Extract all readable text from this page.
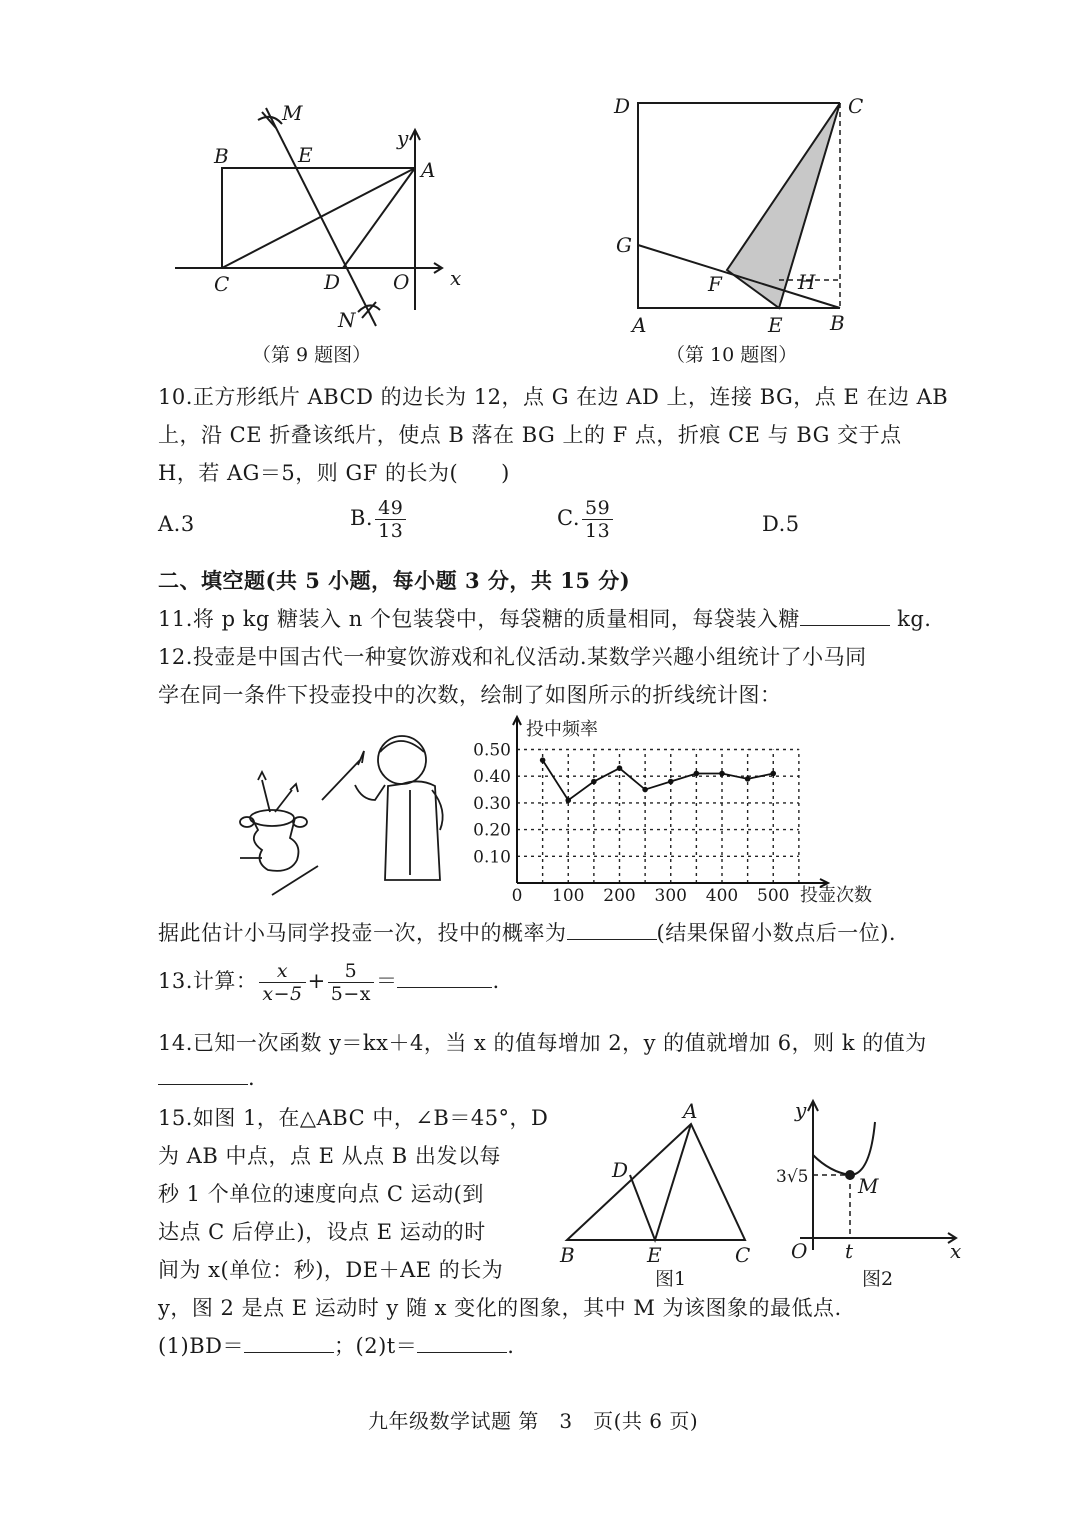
M
N
B	E
A
C	D	O x
y
D	C
G
F	H
A	E B
（第 9 题图）	（第 10 题图）
10.正方形纸片 ABCD 的边长为 12，点 G 在边 AD 上，连接 BG，点 E 在边 AB
上，沿 CE 折叠该纸片，使点 B 落在 BG 上的 F 点，折痕 CE 与 BG 交于点
H，若 AG＝5，则 GF 的长为(　　)
A.3	B. $\frac{49}{13}$	C. $\frac{59}{13}$	D.5
二、填空题(共 5 小题，每小题 3 分，共 15 分)
11.将 p kg 糖装入 n 个包装袋中，每袋糖的质量相同，每袋装入糖	kg.
12.投壶是中国古代一种宴饮游戏和礼仪活动.某数学兴趣小组统计了小马同
学在同一条件下投壶投中的次数，绘制了如图所示的折线统计图：
0 100 200 300 400 500
0.10
0.20
0.30
0.40
0.50
投中频率
投壶次数
据此估计小马同学投壶一次，投中的概率为	(结果保留小数点后一位).
13.计算： $\frac{x}{x-5} + \frac{5}{5-x}$ ＝	.
14.已知一次函数 y＝kx＋4，当 x 的值每增加 2，y 的值就增加 6，则 k 的值为
.
15.如图 1，在△ABC 中，∠B＝45°，D
为 AB 中点，点 E 从点 B 出发以每
秒 1 个单位的速度向点 C 运动(到
达点 C 后停止)，设点 E 运动的时
间为 x(单位：秒)，DE＋AE 的长为
y，图 2 是点 E 运动时 y 随 x 变化的图象，其中 M 为该图象的最低点.
(1)BD＝	；(2)t＝	.
A
B	C
D
E
图1
y
x
O t
M
3√5
图2
九年级数学试题 第　3　页(共 6 页)
